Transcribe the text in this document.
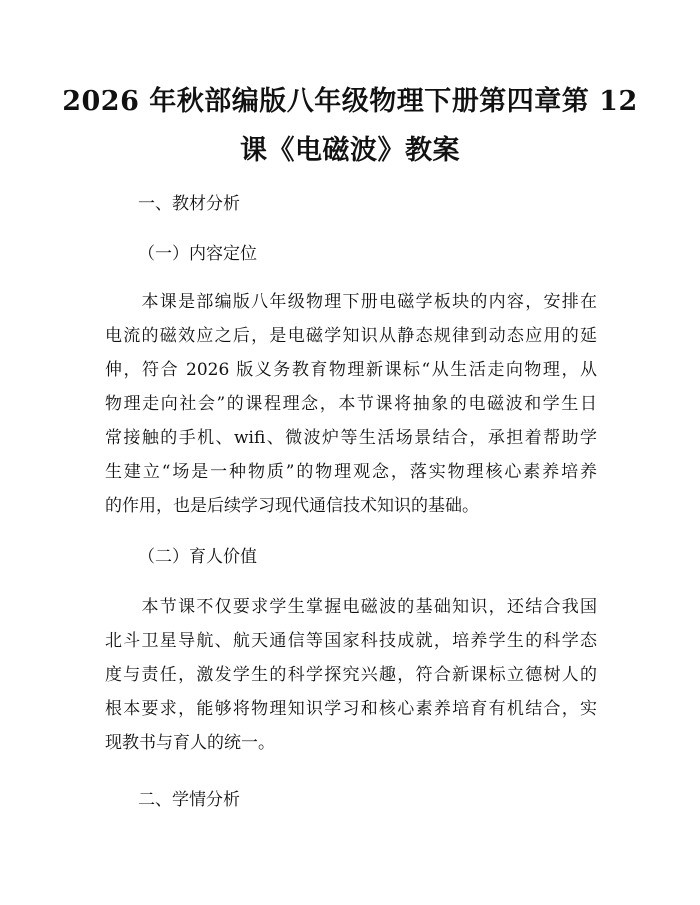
2026 年秋部编版八年级物理下册第四章第 12
课《电磁波》教案
一、教材分析
（一）内容定位
　　本课是部编版八年级物理下册电磁学板块的内容，安排在
电流的磁效应之后，是电磁学知识从静态规律到动态应用的延
伸，符合 2026 版义务教育物理新课标“从生活走向物理，从
物理走向社会”的课程理念，本节课将抽象的电磁波和学生日
常接触的手机、wifi、微波炉等生活场景结合，承担着帮助学
生建立“场是一种物质”的物理观念，落实物理核心素养培养
的作用，也是后续学习现代通信技术知识的基础。
（二）育人价值
　　本节课不仅要求学生掌握电磁波的基础知识，还结合我国
北斗卫星导航、航天通信等国家科技成就，培养学生的科学态
度与责任，激发学生的科学探究兴趣，符合新课标立德树人的
根本要求，能够将物理知识学习和核心素养培育有机结合，实
现教书与育人的统一。
二、学情分析
